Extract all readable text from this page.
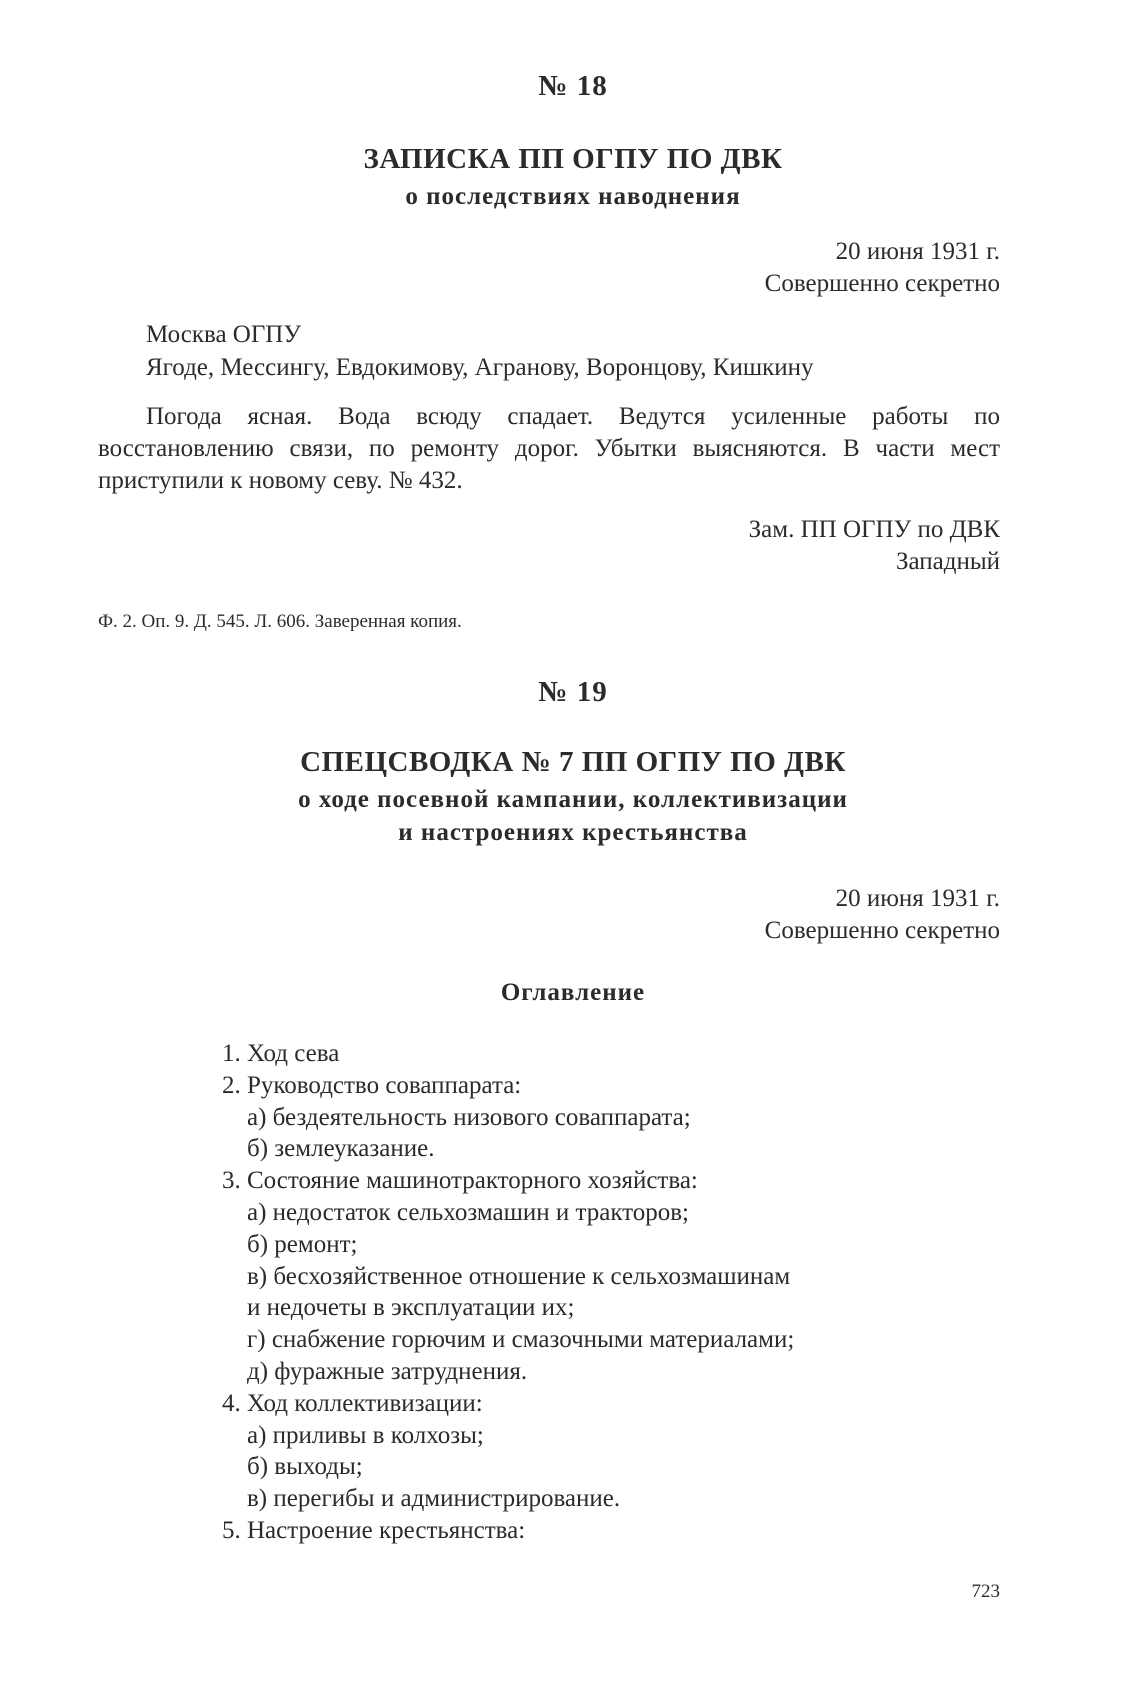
№ 18
ЗАПИСКА ПП ОГПУ ПО ДВК
о последствиях наводнения
20 июня 1931 г.
Совершенно секретно
Москва ОГПУ
Ягоде, Мессингу, Евдокимову, Агранову, Воронцову, Кишкину
Погода ясная. Вода всюду спадает. Ведутся усиленные работы по восстановлению связи, по ремонту дорог. Убытки выясняются. В части мест приступили к новому севу. № 432.
Зам. ПП ОГПУ по ДВК
Западный
Ф. 2. Оп. 9. Д. 545. Л. 606. Заверенная копия.
№ 19
СПЕЦСВОДКА № 7 ПП ОГПУ ПО ДВК
о ходе посевной кампании, коллективизации
и настроениях крестьянства
20 июня 1931 г.
Совершенно секретно
Оглавление
1. Ход сева
2. Руководство соваппарата:
а) бездеятельность низового соваппарата;
б) землеуказание.
3. Состояние машинотракторного хозяйства:
а) недостаток сельхозмашин и тракторов;
б) ремонт;
в) бесхозяйственное отношение к сельхозмашинам
и недочеты в эксплуатации их;
г) снабжение горючим и смазочными материалами;
д) фуражные затруднения.
4. Ход коллективизации:
а) приливы в колхозы;
б) выходы;
в) перегибы и администрирование.
5. Настроение крестьянства:
723
